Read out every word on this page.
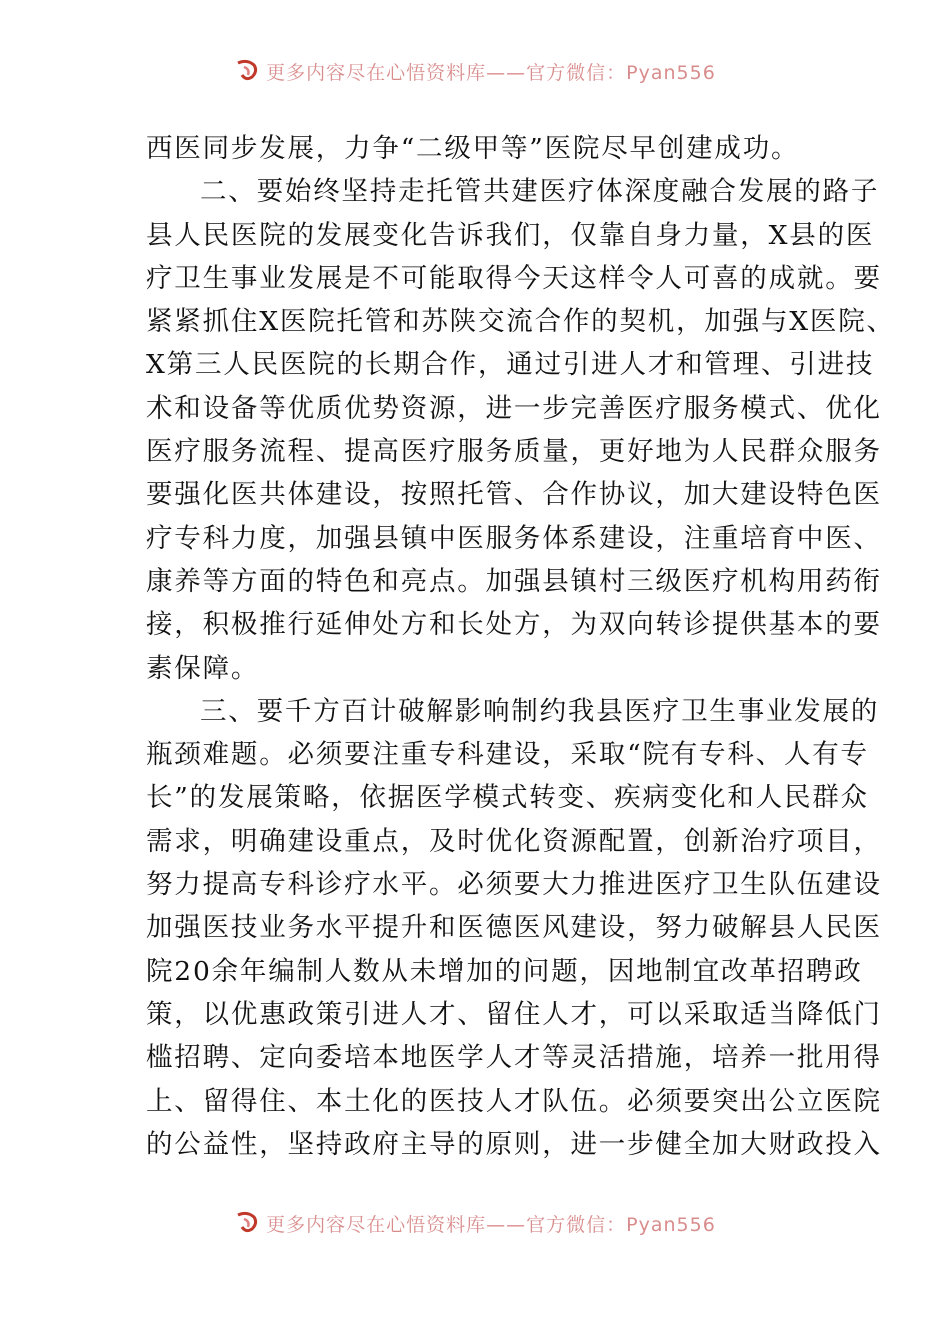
更多内容尽在心悟资料库——官方微信：Pyan556
西医同步发展，力争“二级甲等”医院尽早创建成功。
二、要始终坚持走托管共建医疗体深度融合发展的路子
县人民医院的发展变化告诉我们，仅靠自身力量，X县的医
疗卫生事业发展是不可能取得今天这样令人可喜的成就。要
紧紧抓住X医院托管和苏陕交流合作的契机，加强与X医院、
X第三人民医院的长期合作，通过引进人才和管理、引进技
术和设备等优质优势资源，进一步完善医疗服务模式、优化
医疗服务流程、提高医疗服务质量，更好地为人民群众服务
要强化医共体建设，按照托管、合作协议，加大建设特色医
疗专科力度，加强县镇中医服务体系建设，注重培育中医、
康养等方面的特色和亮点。加强县镇村三级医疗机构用药衔
接，积极推行延伸处方和长处方，为双向转诊提供基本的要
素保障。
三、要千方百计破解影响制约我县医疗卫生事业发展的
瓶颈难题。必须要注重专科建设，采取“院有专科、人有专
长”的发展策略，依据医学模式转变、疾病变化和人民群众
需求，明确建设重点，及时优化资源配置，创新治疗项目，
努力提高专科诊疗水平。必须要大力推进医疗卫生队伍建设
加强医技业务水平提升和医德医风建设，努力破解县人民医
院20余年编制人数从未增加的问题，因地制宜改革招聘政
策，以优惠政策引进人才、留住人才，可以采取适当降低门
槛招聘、定向委培本地医学人才等灵活措施，培养一批用得
上、留得住、本土化的医技人才队伍。必须要突出公立医院
的公益性，坚持政府主导的原则，进一步健全加大财政投入
更多内容尽在心悟资料库——官方微信：Pyan556
